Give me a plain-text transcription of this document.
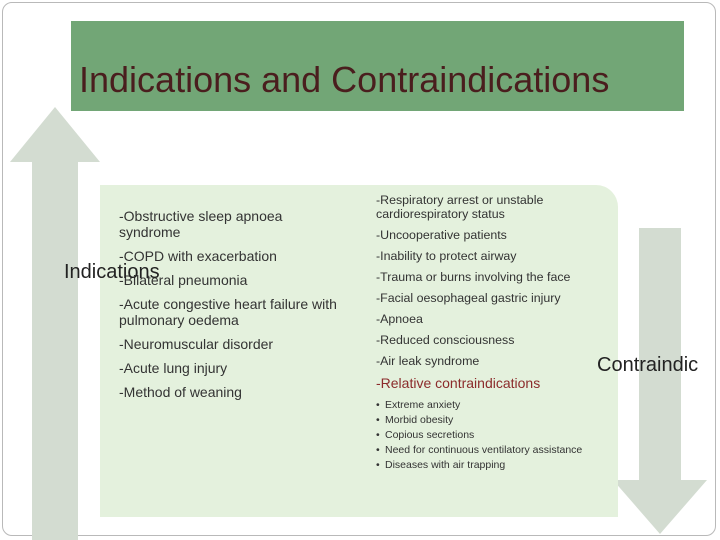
Indications and Contraindications

-Obstructive sleep apnoea syndrome

-COPD with exacerbation

-Bilateral pneumonia

-Acute congestive heart failure with pulmonary oedema

-Neuromuscular disorder

-Acute lung injury

-Method of weaning

-Respiratory arrest or unstable cardiorespiratory status

-Uncooperative patients

-Inability to protect airway

-Trauma or burns involving the face

-Facial oesophageal gastric injury

-Apnoea

-Reduced consciousness

-Air leak syndrome

-Relative contraindications

• Extreme anxiety
• Morbid obesity
• Copious secretions
• Need for continuous ventilatory assistance
• Diseases with air trapping
Indications
Contraindic
